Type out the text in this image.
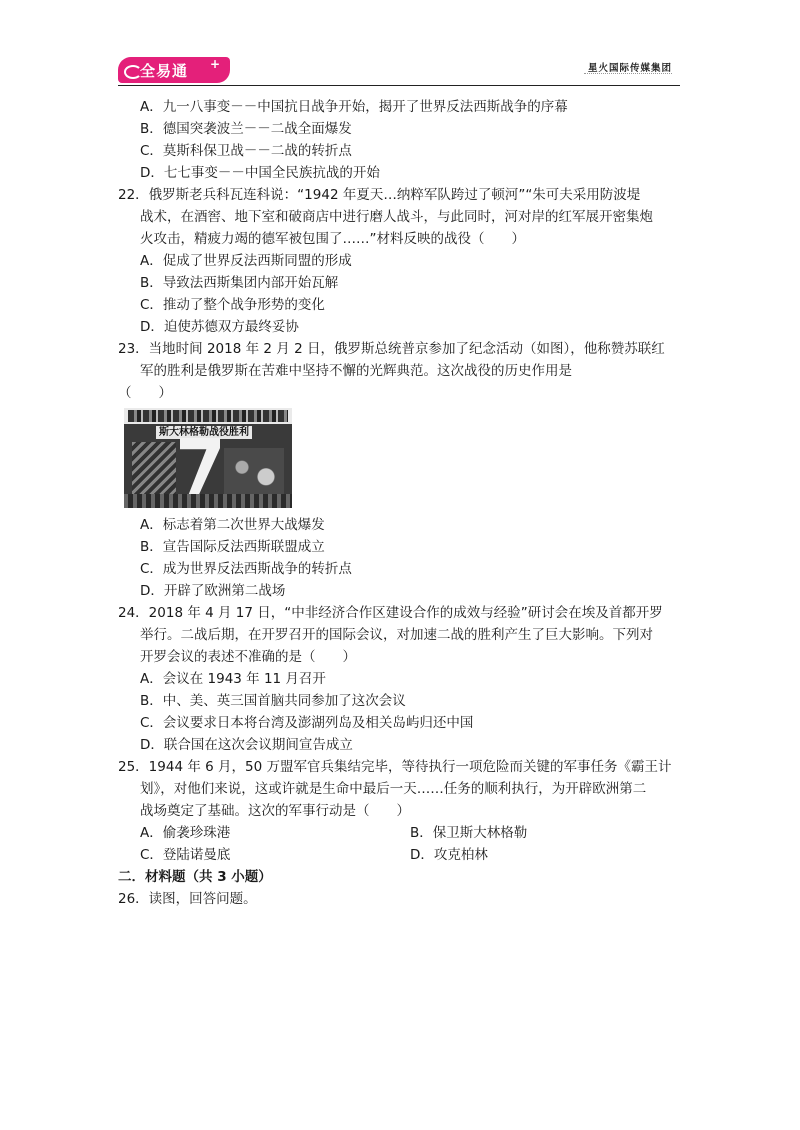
全易通 +	星火国际传媒集团
A．九一八事变－－中国抗日战争开始，揭开了世界反法西斯战争的序幕
B．德国突袭波兰－－二战全面爆发
C．莫斯科保卫战－－二战的转折点
D．七七事变－－中国全民族抗战的开始
22．俄罗斯老兵科瓦连科说：“1942 年夏天…纳粹军队跨过了顿河”“朱可夫采用防波堤
战术，在酒窖、地下室和破商店中进行磨人战斗，与此同时，河对岸的红军展开密集炮
火攻击，精疲力竭的德军被包围了……”材料反映的战役（　　）
A．促成了世界反法西斯同盟的形成
B．导致法西斯集团内部开始瓦解
C．推动了整个战争形势的变化
D．迫使苏德双方最终妥协
23．当地时间 2018 年 2 月 2 日，俄罗斯总统普京参加了纪念活动（如图），他称赞苏联红
军的胜利是俄罗斯在苦难中坚持不懈的光辉典范。这次战役的历史作用是
（　　）
斯大林格勒战役胜利
A．标志着第二次世界大战爆发
B．宣告国际反法西斯联盟成立
C．成为世界反法西斯战争的转折点
D．开辟了欧洲第二战场
24．2018 年 4 月 17 日，“中非经济合作区建设合作的成效与经验”研讨会在埃及首都开罗
举行。二战后期，在开罗召开的国际会议，对加速二战的胜利产生了巨大影响。下列对
开罗会议的表述不准确的是（　　）
A．会议在 1943 年 11 月召开
B．中、美、英三国首脑共同参加了这次会议
C．会议要求日本将台湾及澎湖列岛及相关岛屿归还中国
D．联合国在这次会议期间宣告成立
25．1944 年 6 月，50 万盟军官兵集结完毕，等待执行一项危险而关键的军事任务《霸王计
划》，对他们来说，这或许就是生命中最后一天……任务的顺利执行，为开辟欧洲第二
战场奠定了基础。这次的军事行动是（　　）
A．偷袭珍珠港	B．保卫斯大林格勒
C．登陆诺曼底	D．攻克柏林
二．材料题（共 3 小题）
26．读图，回答问题。
